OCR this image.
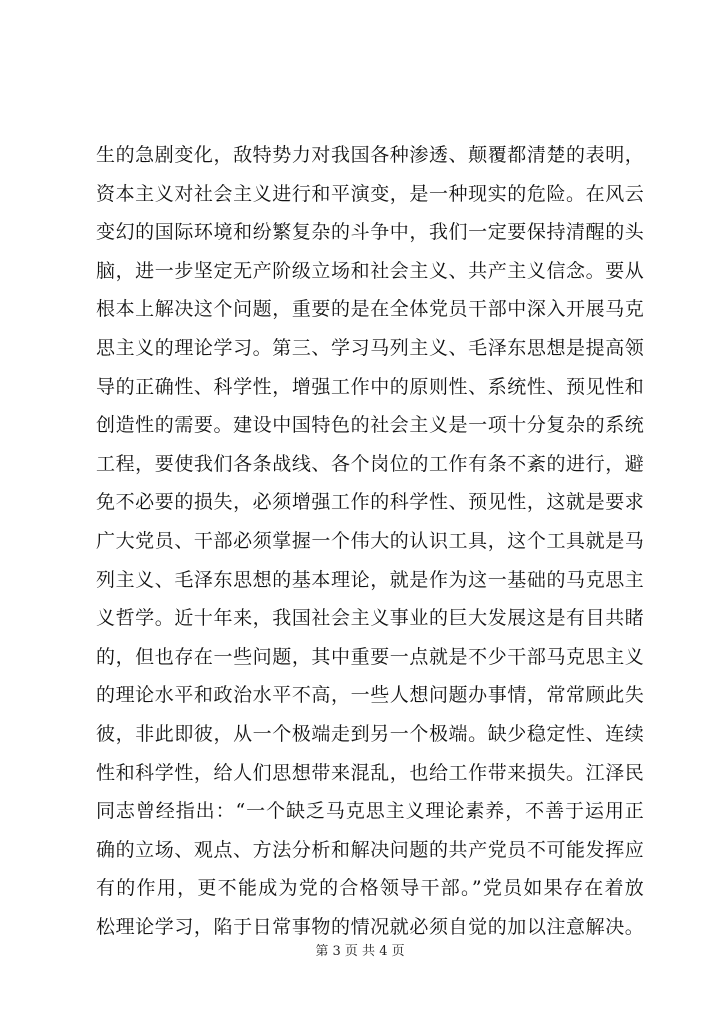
生的急剧变化，敌特势力对我国各种渗透、颠覆都清楚的表明，
资本主义对社会主义进行和平演变，是一种现实的危险。在风云
变幻的国际环境和纷繁复杂的斗争中，我们一定要保持清醒的头
脑，进一步坚定无产阶级立场和社会主义、共产主义信念。要从
根本上解决这个问题，重要的是在全体党员干部中深入开展马克
思主义的理论学习。第三、学习马列主义、毛泽东思想是提高领
导的正确性、科学性，增强工作中的原则性、系统性、预见性和
创造性的需要。建设中国特色的社会主义是一项十分复杂的系统
工程，要使我们各条战线、各个岗位的工作有条不紊的进行，避
免不必要的损失，必须增强工作的科学性、预见性，这就是要求
广大党员、干部必须掌握一个伟大的认识工具，这个工具就是马
列主义、毛泽东思想的基本理论，就是作为这一基础的马克思主
义哲学。近十年来，我国社会主义事业的巨大发展这是有目共睹
的，但也存在一些问题，其中重要一点就是不少干部马克思主义
的理论水平和政治水平不高，一些人想问题办事情，常常顾此失
彼，非此即彼，从一个极端走到另一个极端。缺少稳定性、连续
性和科学性，给人们思想带来混乱，也给工作带来损失。江泽民
同志曾经指出：“一个缺乏马克思主义理论素养，不善于运用正
确的立场、观点、方法分析和解决问题的共产党员不可能发挥应
有的作用，更不能成为党的合格领导干部。”党员如果存在着放
松理论学习，陷于日常事物的情况就必须自觉的加以注意解决。
第 3 页 共 4 页
